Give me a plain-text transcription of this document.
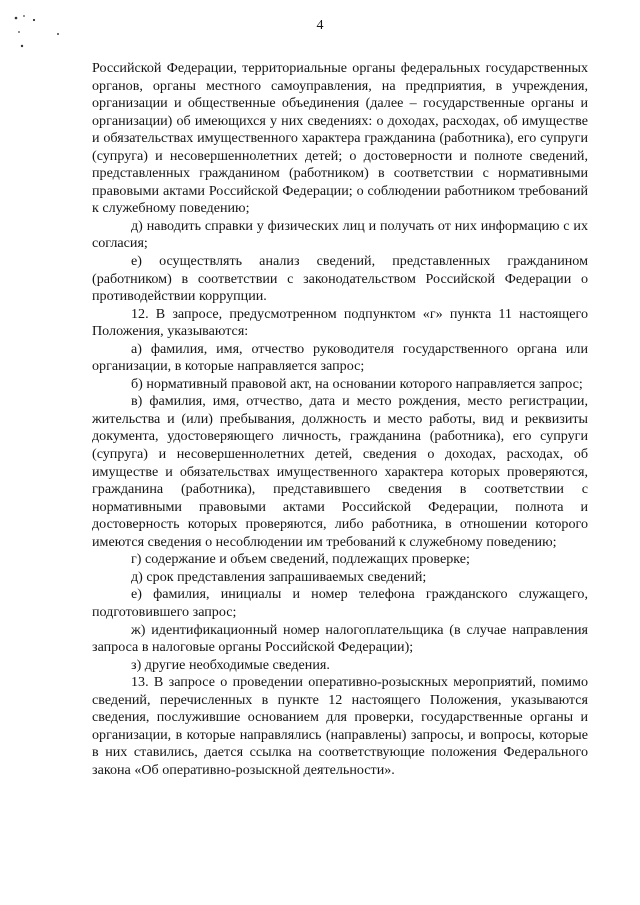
4

Российской Федерации, территориальные органы федеральных государственных органов, органы местного самоуправления, на предприятия, в учреждения, организации и общественные объединения (далее – государственные органы и организации) об имеющихся у них сведениях: о доходах, расходах, об имуществе и обязательствах имущественного характера гражданина (работника), его супруги (супруга) и несовершеннолетних детей; о достоверности и полноте сведений, представленных гражданином (работником) в соответствии с нормативными правовыми актами Российской Федерации; о соблюдении работником требований к служебному поведению;

д) наводить справки у физических лиц и получать от них информацию с их согласия;

е) осуществлять анализ сведений, представленных гражданином (работником) в соответствии с законодательством Российской Федерации о противодействии коррупции.

12. В запросе, предусмотренном подпунктом «г» пункта 11 настоящего Положения, указываются:

а) фамилия, имя, отчество руководителя государственного органа или организации, в которые направляется запрос;

б) нормативный правовой акт, на основании которого направляется запрос;

в) фамилия, имя, отчество, дата и место рождения, место регистрации, жительства и (или) пребывания, должность и место работы, вид и реквизиты документа, удостоверяющего личность, гражданина (работника), его супруги (супруга) и несовершеннолетних детей, сведения о доходах, расходах, об имуществе и обязательствах имущественного характера которых проверяются, гражданина (работника), представившего сведения в соответствии с нормативными правовыми актами Российской Федерации, полнота и достоверность которых проверяются, либо работника, в отношении которого имеются сведения о несоблюдении им требований к служебному поведению;

г) содержание и объем сведений, подлежащих проверке;

д) срок представления запрашиваемых сведений;

е) фамилия, инициалы и номер телефона гражданского служащего, подготовившего запрос;

ж) идентификационный номер налогоплательщика (в случае направления запроса в налоговые органы Российской Федерации);

з) другие необходимые сведения.

13. В запросе о проведении оперативно-розыскных мероприятий, помимо сведений, перечисленных в пункте 12 настоящего Положения, указываются сведения, послужившие основанием для проверки, государственные органы и организации, в которые направлялись (направлены) запросы, и вопросы, которые в них ставились, дается ссылка на соответствующие положения Федерального закона «Об оперативно-розыскной деятельности».
